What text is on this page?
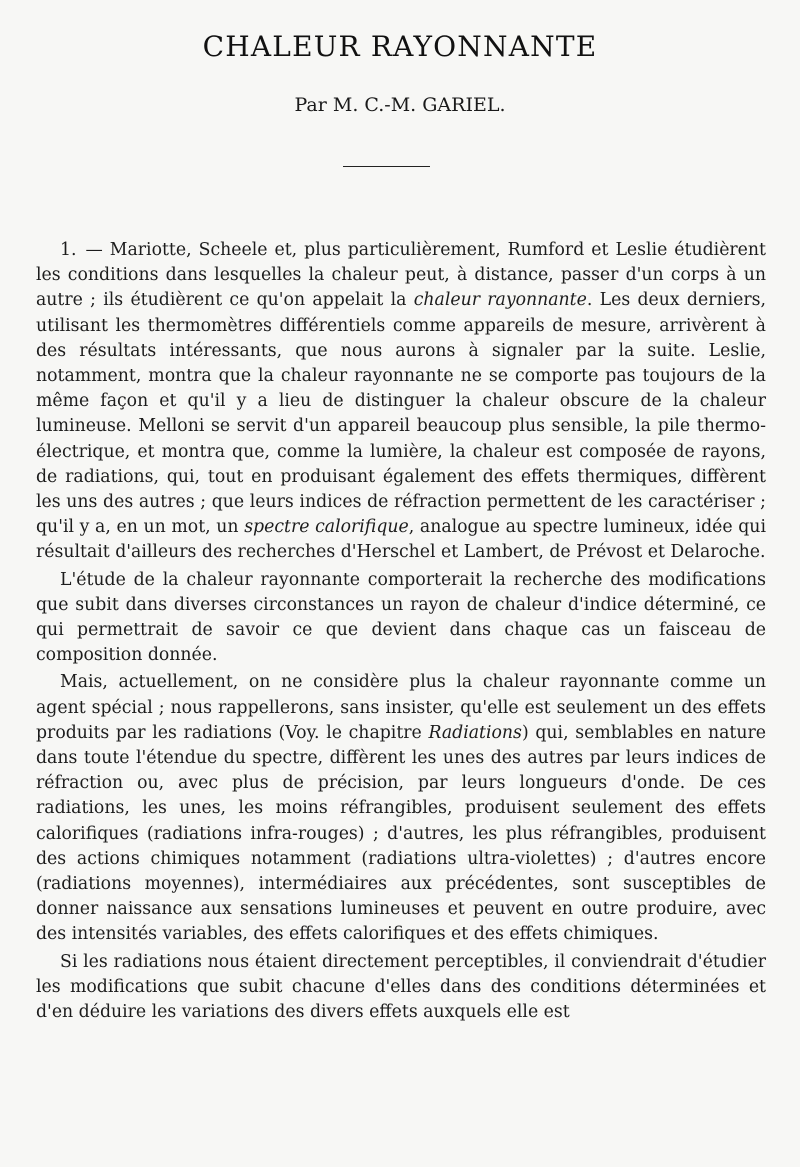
CHALEUR RAYONNANTE
Par M. C.-M. GARIEL.

1. — Mariotte, Scheele et, plus particulièrement, Rumford et Leslie étudièrent les conditions dans lesquelles la chaleur peut, à distance, passer d'un corps à un autre ; ils étudièrent ce qu'on appelait la chaleur rayonnante. Les deux derniers, utilisant les thermomètres différentiels comme appareils de mesure, arrivèrent à des résultats intéressants, que nous aurons à signaler par la suite. Leslie, notamment, montra que la chaleur rayonnante ne se comporte pas toujours de la même façon et qu'il y a lieu de distinguer la chaleur obscure de la chaleur lumineuse. Melloni se servit d'un appareil beaucoup plus sensible, la pile thermo-électrique, et montra que, comme la lumière, la chaleur est composée de rayons, de radiations, qui, tout en produisant également des effets thermiques, diffèrent les uns des autres ; que leurs indices de réfraction permettent de les caractériser ; qu'il y a, en un mot, un spectre calorifique, analogue au spectre lumineux, idée qui résultait d'ailleurs des recherches d'Herschel et Lambert, de Prévost et Delaroche.

L'étude de la chaleur rayonnante comporterait la recherche des modifications que subit dans diverses circonstances un rayon de chaleur d'indice déterminé, ce qui permettrait de savoir ce que devient dans chaque cas un faisceau de composition donnée.

Mais, actuellement, on ne considère plus la chaleur rayonnante comme un agent spécial ; nous rappellerons, sans insister, qu'elle est seulement un des effets produits par les radiations (Voy. le chapitre Radiations) qui, semblables en nature dans toute l'étendue du spectre, diffèrent les unes des autres par leurs indices de réfraction ou, avec plus de précision, par leurs longueurs d'onde. De ces radiations, les unes, les moins réfrangibles, produisent seulement des effets calorifiques (radiations infra-rouges) ; d'autres, les plus réfrangibles, produisent des actions chimiques notamment (radiations ultra-violettes) ; d'autres encore (radiations moyennes), intermédiaires aux précédentes, sont susceptibles de donner naissance aux sensations lumineuses et peuvent en outre produire, avec des intensités variables, des effets calorifiques et des effets chimiques.

Si les radiations nous étaient directement perceptibles, il conviendrait d'étudier les modifications que subit chacune d'elles dans des conditions déterminées et d'en déduire les variations des divers effets auxquels elle est
